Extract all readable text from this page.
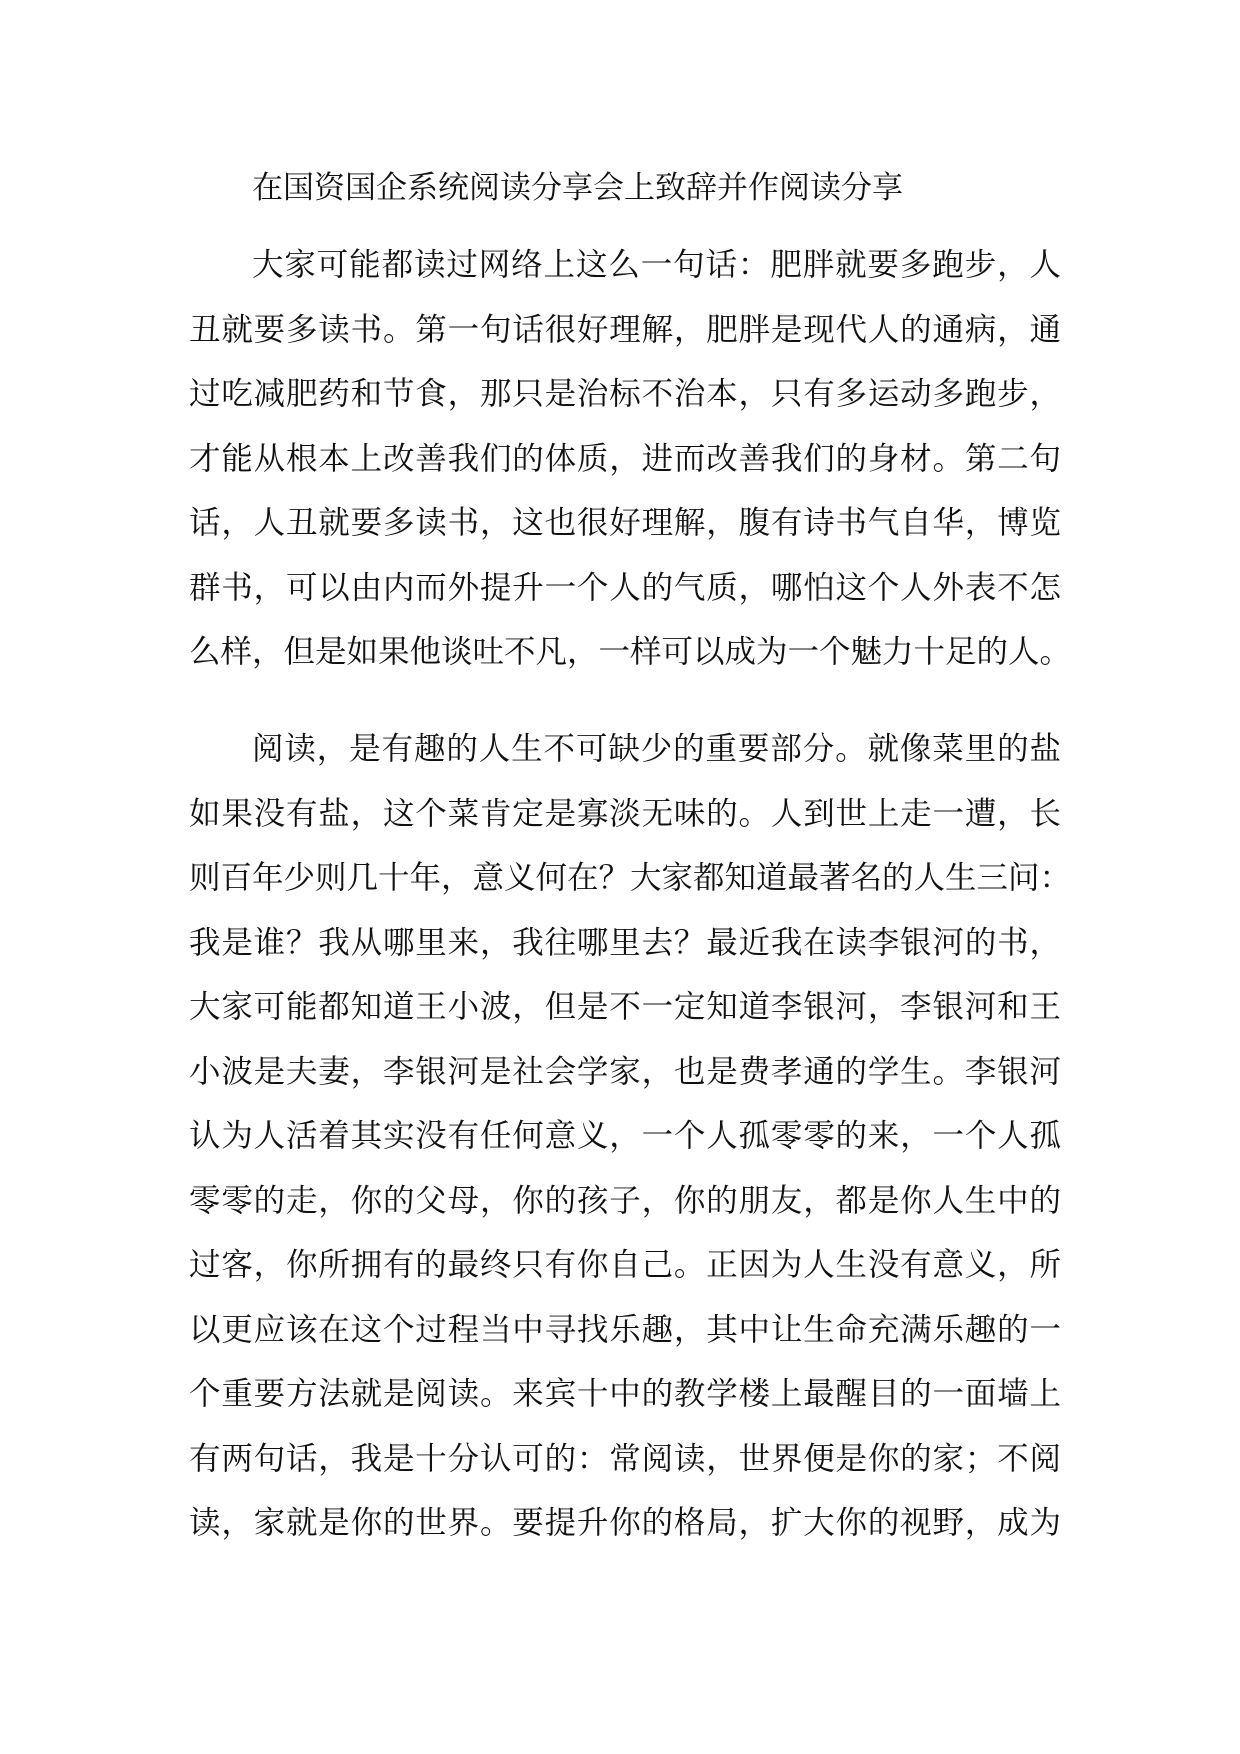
在国资国企系统阅读分享会上致辞并作阅读分享
大家可能都读过网络上这么一句话：肥胖就要多跑步，人
丑就要多读书。第一句话很好理解，肥胖是现代人的通病，通
过吃减肥药和节食，那只是治标不治本，只有多运动多跑步，
才能从根本上改善我们的体质，进而改善我们的身材。第二句
话，人丑就要多读书，这也很好理解，腹有诗书气自华，博览
群书，可以由内而外提升一个人的气质，哪怕这个人外表不怎
么样，但是如果他谈吐不凡，一样可以成为一个魅力十足的人。
阅读，是有趣的人生不可缺少的重要部分。就像菜里的盐
如果没有盐，这个菜肯定是寡淡无味的。人到世上走一遭，长
则百年少则几十年，意义何在？大家都知道最著名的人生三问：
我是谁？我从哪里来，我往哪里去？最近我在读李银河的书，
大家可能都知道王小波，但是不一定知道李银河，李银河和王
小波是夫妻，李银河是社会学家，也是费孝通的学生。李银河
认为人活着其实没有任何意义，一个人孤零零的来，一个人孤
零零的走，你的父母，你的孩子，你的朋友，都是你人生中的
过客，你所拥有的最终只有你自己。正因为人生没有意义，所
以更应该在这个过程当中寻找乐趣，其中让生命充满乐趣的一
个重要方法就是阅读。来宾十中的教学楼上最醒目的一面墙上
有两句话，我是十分认可的：常阅读，世界便是你的家；不阅
读，家就是你的世界。要提升你的格局，扩大你的视野，成为
